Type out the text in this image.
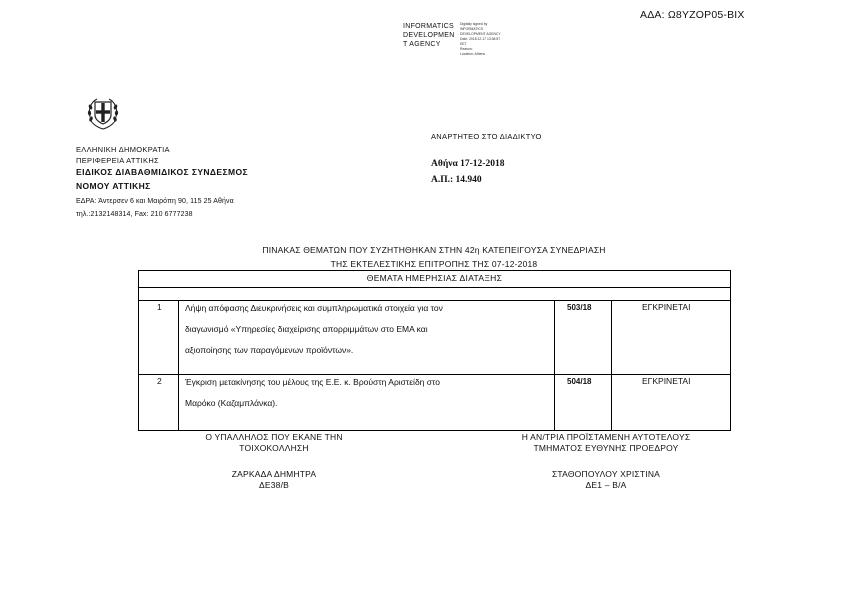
ΑΔΑ: Ω8ΥΖΟΡ05-ΒΙΧ
INFORMATICS
DEVELOPMEN
T AGENCY
Digitally signed by
INFORMATICS
DEVELOPMENT AGENCY
Date: 2018.12.17 13:38:57
EET
Reason:
Location: Athens
ΕΛΛΗΝΙΚΗ ΔΗΜΟΚΡΑΤΙΑ
ΠΕΡΙΦΕΡΕΙΑ ΑΤΤΙΚΗΣ
ΕΙΔΙΚΟΣ ΔΙΑΒΑΘΜΙΔΙΚΟΣ ΣΥΝΔΕΣΜΟΣ
ΝΟΜΟΥ ΑΤΤΙΚΗΣ
ΕΔΡΑ: Άντερσεν 6 και Μαιρόπη 90, 115 25 Αθήνα
τηλ.:2132148314, Fax: 210 6777238
ΑΝΑΡΤΗΤΕΟ ΣΤΟ ΔΙΑΔΙΚΤΥΟ
Αθήνα 17-12-2018
Α.Π.: 14.940
ΠΙΝΑΚΑΣ ΘΕΜΑΤΩΝ ΠΟΥ ΣΥΖΗΤΗΘΗΚΑΝ ΣΤΗΝ 42η ΚΑΤΕΠΕΙΓΟΥΣΑ ΣΥΝΕΔΡΙΑΣΗ
ΤΗΣ ΕΚΤΕΛΕΣΤΙΚΗΣ ΕΠΙΤΡΟΠΗΣ ΤΗΣ 07-12-2018
ΘΕΜΑΤΑ ΗΜΕΡΗΣΙΑΣ ΔΙΑΤΑΞΗΣ
1	Λήψη απόφασης Διευκρινήσεις και συμπληρωματικά στοιχεία για τον
διαγωνισμό «Υπηρεσίες διαχείρισης απορριμμάτων στο ΕΜΑ και
αξιοποίησης των παραγόμενων προϊόντων».
503/18	ΕΓΚΡΙΝΕΤΑΙ
2	Έγκριση μετακίνησης του μέλους της Ε.Ε. κ. Βρούστη Αριστείδη στο
Μαρόκο (Καζαμπλάνκα).
504/18	ΕΓΚΡΙΝΕΤΑΙ
Ο ΥΠΑΛΛΗΛΟΣ ΠΟΥ ΕΚΑΝΕ ΤΗΝ
ΤΟΙΧΟΚΟΛΛΗΣΗ
ΖΑΡΚΑΔΑ ΔΗΜΗΤΡΑ
ΔΕ38/Β
Η ΑΝ/ΤΡΙΑ ΠΡΟΪΣΤΑΜΕΝΗ ΑΥΤΟΤΕΛΟΥΣ
ΤΜΗΜΑΤΟΣ ΕΥΘΥΝΗΣ ΠΡΟΕΔΡΟΥ
ΣΤΑΘΟΠΟΥΛΟΥ ΧΡΙΣΤΙΝΑ
ΔΕ1 – Β/Α
